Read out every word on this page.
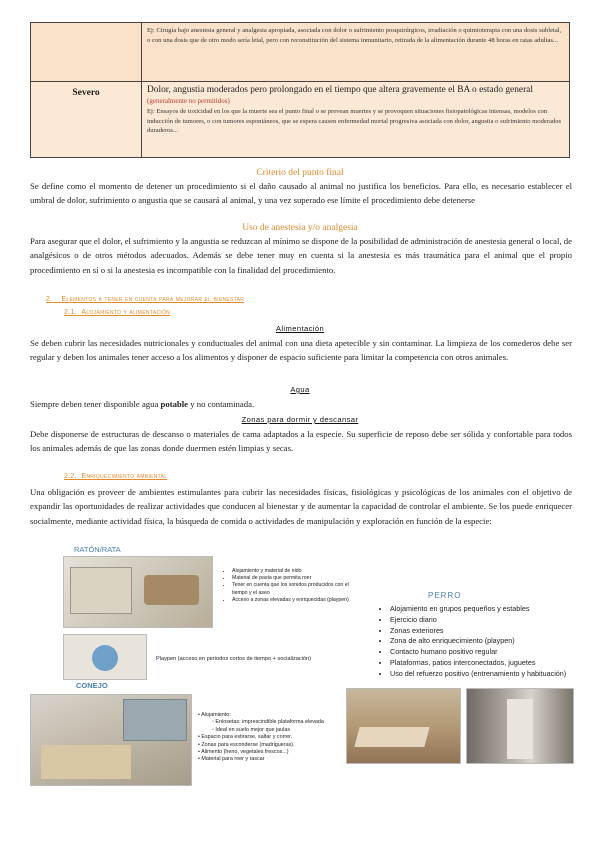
	Ej: Cirugía bajo anestesia general y analgesia apropiada, asociada con dolor o sufrimiento posquirúrgicos, irradiación o quimioterapia con una dosis subletal, o con una dosis que de otro modo sería letal, pero con reconstitución del sistema inmunitario, retirada de la alimentación durante 48 horas en ratas adultas...
Severo	Dolor, angustia moderados pero prolongado en el tiempo que altera gravemente el BA o estado general (generalmente no permitidos)
Ej: Ensayos de toxicidad en los que la muerte sea el punto final o se prevean muertes y se provoquen situaciones fisiopatológicas intensas, modelos con inducción de tumores, o con tumores espontáneos, que se espera causen enfermedad mortal progresiva asociada con dolor, angustia o sufrimiento moderados duraderos...
Criterio del punto final
Se define como el momento de detener un procedimiento si el daño causado al animal no justifica los beneficios. Para ello, es necesario establecer el umbral de dolor, sufrimiento o angustia que se causará al animal, y una vez superado ese límite el procedimiento debe detenerse
Uso de anestesia y/o analgesia
Para asegurar que el dolor, el sufrimiento y la angustia se reduzcan al mínimo se dispone de la posibilidad de administración de anestesia general o local, de analgésicos o de otros métodos adecuados. Además se debe tener muy en cuenta si la anestesia es más traumática para el animal que el propio procedimiento en sí o si la anestesia es incompatible con la finalidad del procedimiento.
2. Elementos a tener en cuenta para mejorar el bienestar
2.1. Alojamiento y alimentación
Alimentación
Se deben cubrir las necesidades nutricionales y conductuales del animal con una dieta apetecible y sin contaminar. La limpieza de los comederos debe ser regular y deben los animales tener acceso a los alimentos y disponer de espacio suficiente para limitar la competencia con otros animales.
Agua
Siempre deben tener disponible agua potable y no contaminada.
Zonas para dormir y descansar
Debe disponerse de estructuras de descanso o materiales de cama adaptados a la especie. Su superficie de reposo debe ser sólida y confortable para todos los animales además de que las zonas donde duermen estén limpias y secas.
2.2. Enriquecimiento ambiental
Una obligación es proveer de ambientes estimulantes para cubrir las necesidades físicas, fisiológicas y psicológicas de los animales con el objetivo de expandir las oportunidades de realizar actividades que conducen al bienestar y de aumentar la capacidad de controlar el ambiente. Se los puede enriquecer socialmente, mediante actividad física, la búsqueda de comida o actividades de manipulación y exploración en función de la especie:
RATÓN/RATA
• Alojamiento y material de nido
• Material de pasta que permita roer
• Tener en cuenta que los sonidos producidos con el tiempo y el aseo
• Acceso a zonas elevadas y enriquecidas (playpen)
Playpen (acceso en periodos cortos de tiempo + socialización)
PERRO
• Alojamiento en grupos pequeños y estables
• Ejercicio diario
• Zonas exteriores
• Zona de alto enriquecimiento (playpen)
• Contacto humano positivo regular
• Plataformas, patios interconectados, juguetes
• Uso del refuerzo positivo (entrenamiento y habituación)
CONEJO
• Alojamiento:
◦ Enlosetas: imprescindible plataforma elevada
◦ Ideal en suelo mejor que jaulas
• Espacio para estirarse, saltar y correr.
• Zonas para esconderse (madrigueras).
• Alimento (heno, vegetales frescos...)
• Material para roer y rascar
